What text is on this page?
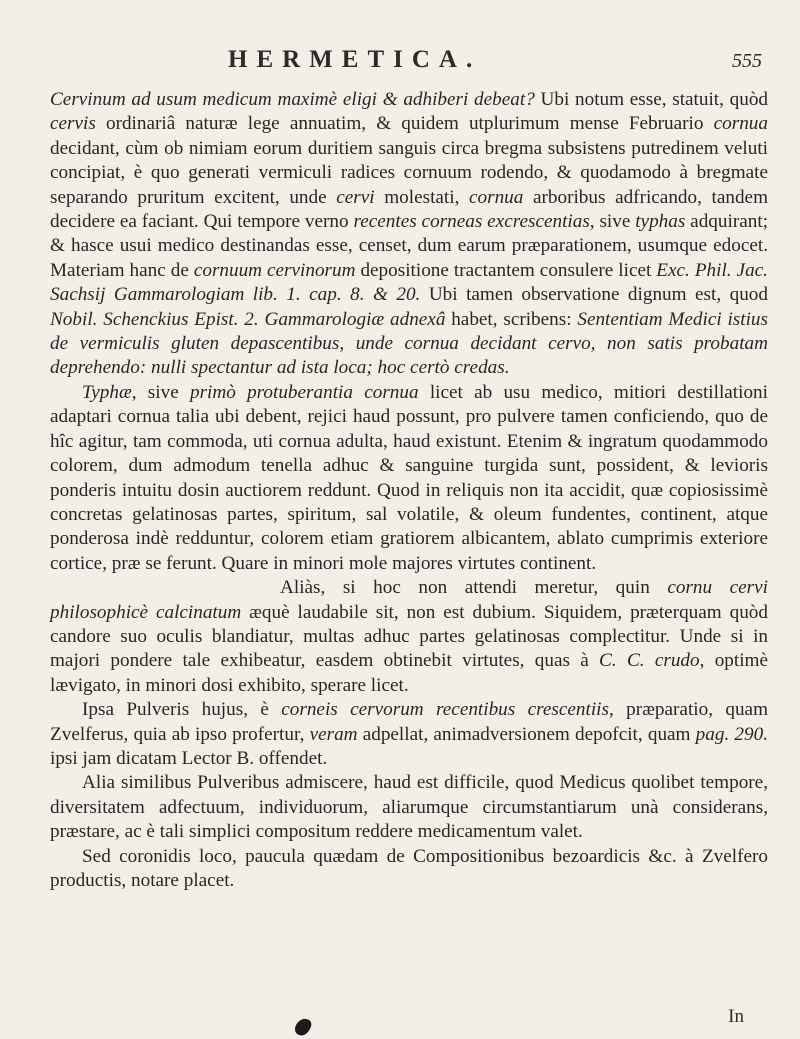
HERMETICA.	555

Cervinum ad usum medicum maximè eligi & adhiberi debeat? Ubi notum esse, statuit, quòd cervis ordinariâ naturæ lege annuatim, & quidem utplurimum mense Februario cornua decidant, cùm ob nimiam eorum duritiem sanguis circa bregma subsistens putredinem veluti concipiat, è quo generati vermiculi radices cornuum rodendo, & quodamodo à bregmate separando pruritum excitent, unde cervi molestati, cornua arboribus adfricando, tandem decidere ea faciant. Qui tempore verno recentes corneas excrescentias, sive typhas adquirant; & hasce usui medico destinandas esse, censet, dum earum præparationem, usumque edocet. Materiam hanc de cornuum cervinorum depositione tractantem consulere licet Exc. Phil. Jac. Sachsij Gammarologiam lib. 1. cap. 8. & 20. Ubi tamen observatione dignum est, quod Nobil. Schenckius Epist. 2. Gammarologiæ adnexâ habet, scribens: Sententiam Medici istius de vermiculis gluten depascentibus, unde cornua decidant cervo, non satis probatam deprehendo: nulli spectantur ad ista loca; hoc certò credas.

Typhæ, sive primò protuberantia cornua licet ab usu medico, mitiori destillationi adaptari cornua talia ubi debent, rejici haud possunt, pro pulvere tamen conficiendo, quo de hîc agitur, tam commoda, uti cornua adulta, haud existunt. Etenim & ingratum quodammodo colorem, dum admodum tenella adhuc & sanguine turgida sunt, possident, & levioris ponderis intuitu dosin auctiorem reddunt. Quod in reliquis non ita accidit, quæ copiosissimè concretas gelatinosas partes, spiritum, sal volatile, & oleum fundentes, continent, atque ponderosa indè redduntur, colorem etiam gratiorem albicantem, ablato cumprimis exteriore cortice, præ se ferunt. Quare in minori mole majores virtutes continent.

Aliàs, si hoc non attendi meretur, quin cornu cervi philosophicè calcinatum æquè laudabile sit, non est dubium. Siquidem, præterquam quòd candore suo oculis blandiatur, multas adhuc partes gelatinosas complectitur. Unde si in majori pondere tale exhibeatur, easdem obtinebit virtutes, quas à C. C. crudo, optimè lævigato, in minori dosi exhibito, sperare licet.

Ipsa Pulveris hujus, è corneis cervorum recentibus crescentiis, præparatio, quam Zvelferus, quia ab ipso profertur, veram adpellat, animadversionem depofcit, quam pag. 290. ipsi jam dicatam Lector B. offendet.

Alia similibus Pulveribus admiscere, haud est difficile, quod Medicus quolibet tempore, diversitatem adfectuum, individuorum, aliarumque circumstantiarum unà considerans, præstare, ac è tali simplici compositum reddere medicamentum valet.

Sed coronidis loco, paucula quædam de Compositionibus bezoardicis &c. à Zvelfero productis, notare placet.

In
